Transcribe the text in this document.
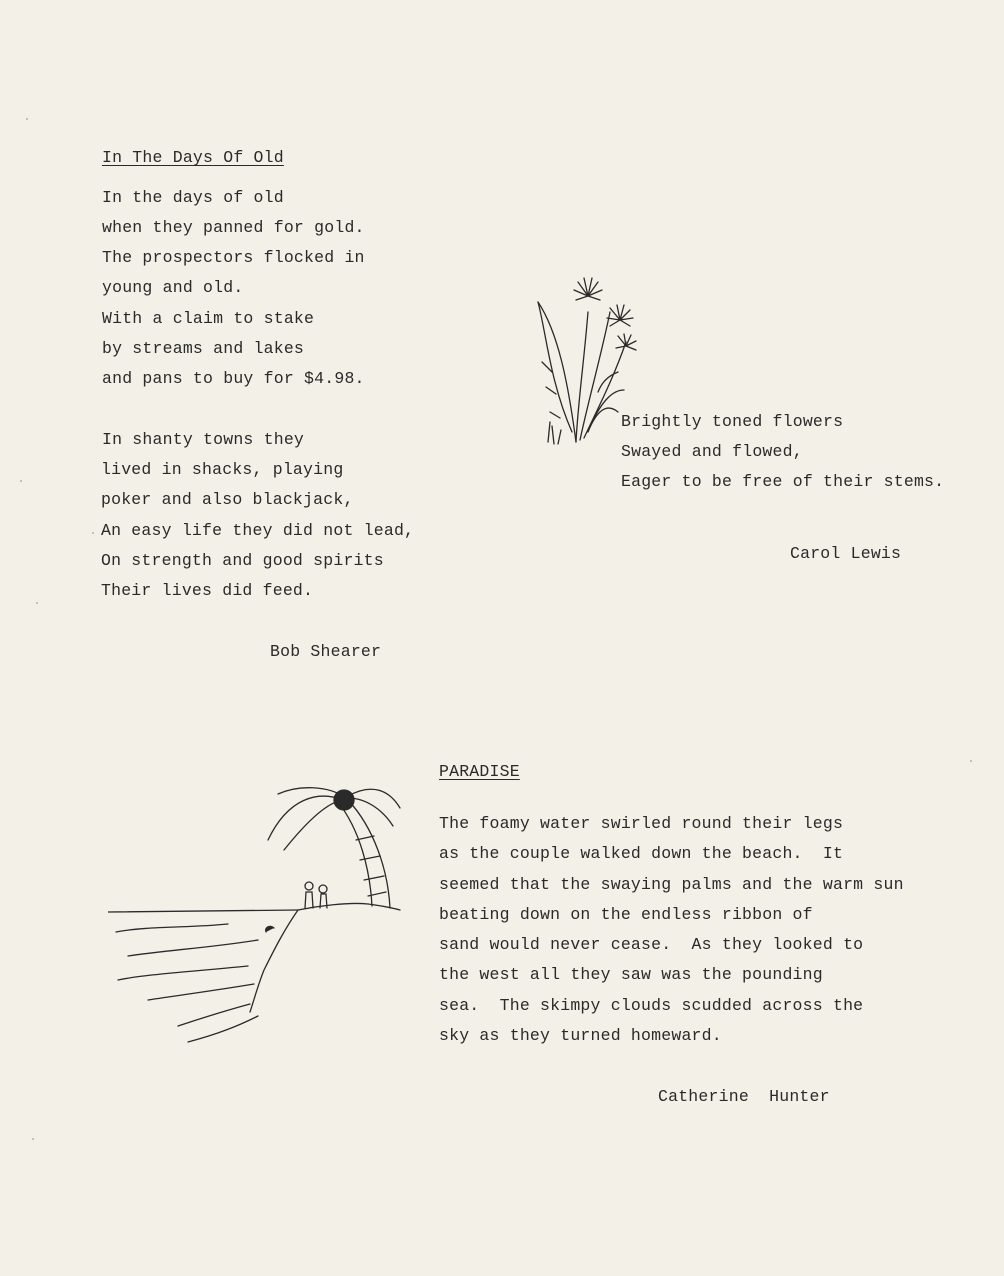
In The Days Of Old
In the days of old
when they panned for gold.
The prospectors flocked in
young and old.
With a claim to stake
by streams and lakes
and pans to buy for $4.98.
In shanty towns they
lived in shacks, playing
poker and also blackjack,
An easy life they did not lead,
On strength and good spirits
Their lives did feed.
Bob Shearer
Brightly toned flowers
Swayed and flowed,
Eager to be free of their stems.
Carol Lewis
PARADISE
The foamy water swirled round their legs
as the couple walked down the beach.  It
seemed that the swaying palms and the warm sun
beating down on the endless ribbon of
sand would never cease.  As they looked to
the west all they saw was the pounding
sea.  The skimpy clouds scudded across the
sky as they turned homeward.
Catherine  Hunter
